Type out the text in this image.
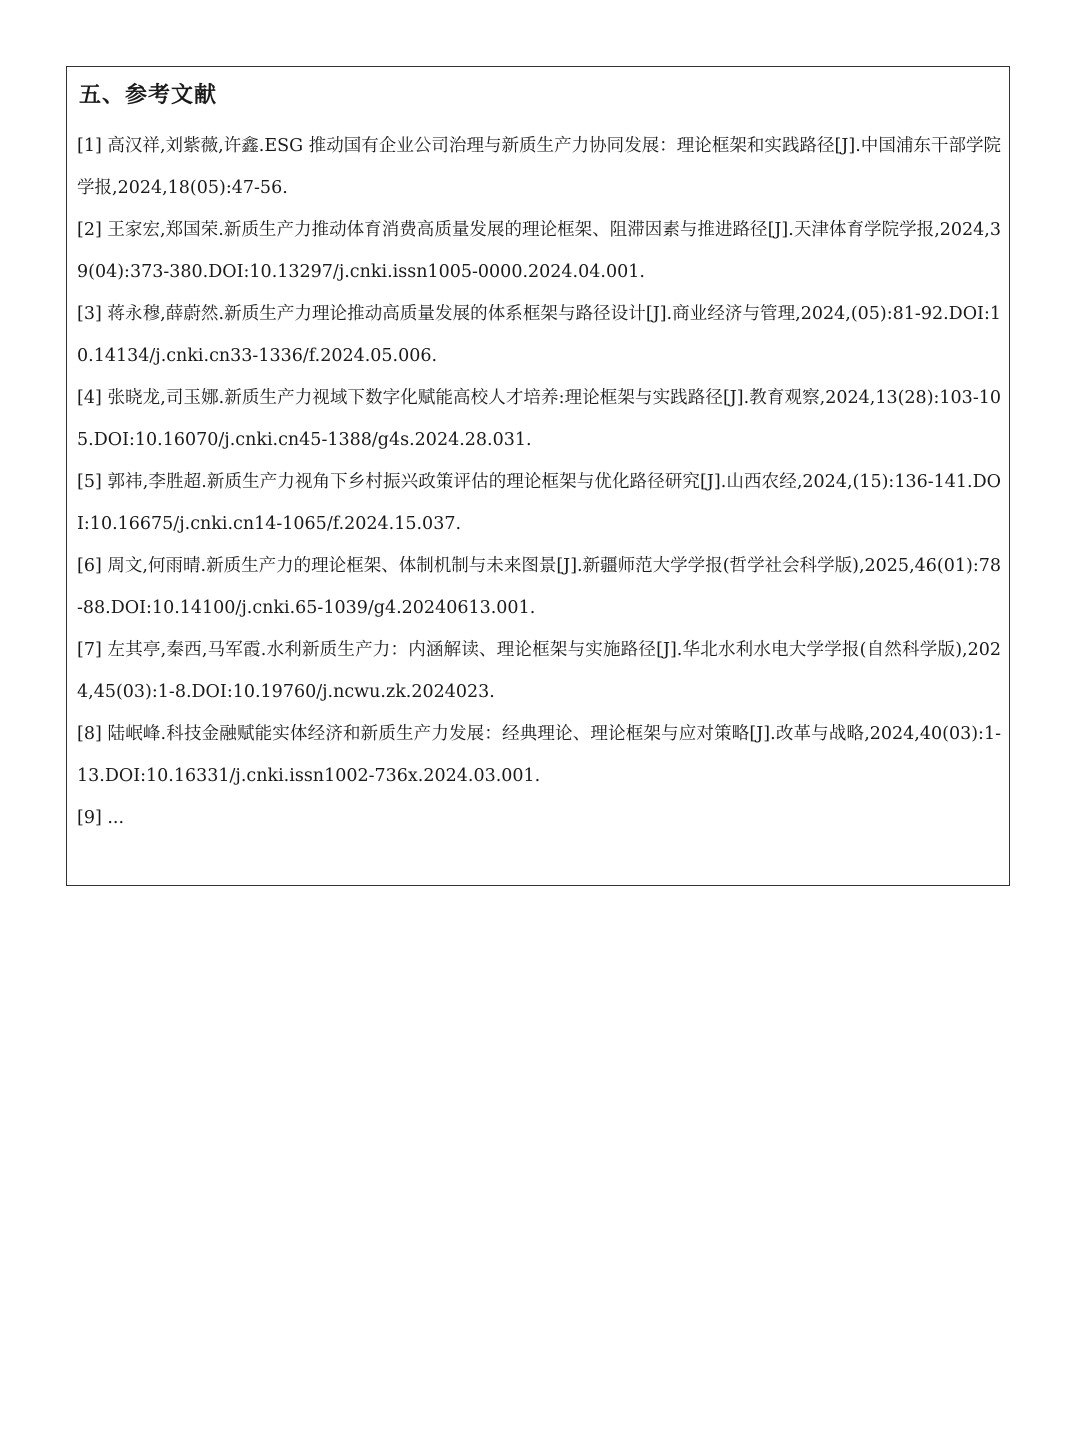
五、参考文献
[1] 高汉祥,刘紫薇,许鑫.ESG 推动国有企业公司治理与新质生产力协同发展：理论框架和实践路径[J].中国浦东干部学院学报,2024,18(05):47-56.
[2] 王家宏,郑国荣.新质生产力推动体育消费高质量发展的理论框架、阻滞因素与推进路径[J].天津体育学院学报,2024,39(04):373-380.DOI:10.13297/j.cnki.issn1005-0000.2024.04.001.
[3] 蒋永穆,薛蔚然.新质生产力理论推动高质量发展的体系框架与路径设计[J].商业经济与管理,2024,(05):81-92.DOI:10.14134/j.cnki.cn33-1336/f.2024.05.006.
[4] 张晓龙,司玉娜.新质生产力视域下数字化赋能高校人才培养:理论框架与实践路径[J].教育观察,2024,13(28):103-105.DOI:10.16070/j.cnki.cn45-1388/g4s.2024.28.031.
[5] 郭祎,李胜超.新质生产力视角下乡村振兴政策评估的理论框架与优化路径研究[J].山西农经,2024,(15):136-141.DOI:10.16675/j.cnki.cn14-1065/f.2024.15.037.
[6] 周文,何雨晴.新质生产力的理论框架、体制机制与未来图景[J].新疆师范大学学报(哲学社会科学版),2025,46(01):78-88.DOI:10.14100/j.cnki.65-1039/g4.20240613.001.
[7] 左其亭,秦西,马军霞.水利新质生产力：内涵解读、理论框架与实施路径[J].华北水利水电大学学报(自然科学版),2024,45(03):1-8.DOI:10.19760/j.ncwu.zk.2024023.
[8] 陆岷峰.科技金融赋能实体经济和新质生产力发展：经典理论、理论框架与应对策略[J].改革与战略,2024,40(03):1-13.DOI:10.16331/j.cnki.issn1002-736x.2024.03.001.
[9] ...
